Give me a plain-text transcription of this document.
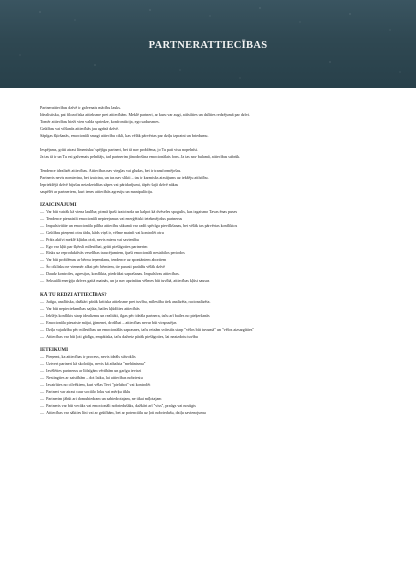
PARTNERATTIECĪBAS

Partnerattiecības dzīvē ir galvenais mācību lauks.

Idealistiska, pat filozofiska attieksme pret attiecībām. Meklē partneri, ar kuru var augt, attīstīties un dalīties redzējumā par dzīvi.

Tomēr attiecības bieži vien valda spriedze, konfrontācija, ego sadursmes.

Grūtības vai vilšanās attiecībās jau agrīnā dzīvē.

Sāpīgas šķiršanās, emocionāli smagi attiecību cikli, kas vēlāk pārvērtas par dziļu izpratni un briedumu.

Iespējams, grūti atrast līmenisku/ spējīgu partneri, bet tā nav problēma, jo Tu pati visu nopelnīsi.

Ja tas tā ir un Tu esi galvenais pelnītājs, tad partnerim jānodrošina emocionālais fons. Ja tas nav bulamā, attiecības sabrūk.

Tendence idealizēt attiecības. Attiecības nav vieglas vai gludas, bet ir transformējošas.

Partneris nevis nomierina, bet izaicina, un tas nav slikti – tas ir karmisks aizsūjums uz iekšēju attīstību.

Iepriekšējā dzīvē bijušas neizdzeidītas sāpes vai pāridarījumi, tāpēc šajā dzīvē nākas

saspēlēt ar partneriem, kuri ienes attiecībās agresiju un manipulāciju.

IZAICINĀJUMI

— Var būt vairāk kā viena laulība; pirmā īpaši izaicinoša un kalpot kā dvēseles spogulis, kas izgaismo Tavas ēnas puses
— Tendence pienaistīt emocionāli nepieejamus vai enerģētiski ietekmējošus partnerus
— Impulsivitāte un emocionāla pilība attiecību sākumā var radīt spēcīga pievilkšanas, bet vēlāk tas pārvērtas konfliktos
— Grūtības pieņemt otru tādu, kāds viņš ir, vēlme mainīt vai kontrolēt otru
— Prāts aktīvi meklē kļūdas otrā, nevis mieru vai savienību
— Ego var kļūt par šķērsli mīlestībai, grūti piešāgoties partnerim
— Risks uz reproduktīvās veselības traucējumiem, īpaši emocionāli nestabilos periodos
— Var būt problēmas ar bērnu ieņemšanu, tendence uz spontāniem abortiem
— Šo ciklisku ne vienmēr alkst pēc bērniem, tie parasti parādās vēlāk dzīvē
— Daudz kontroles, agresijas, konflikta, piedrūkst saprašanas. Impulsīvas attiecības.
— Seksuālā enerģija dzīves gaitā mainās, un ja nav apzinātas vēlmes būt tuvībā, attiecības kļūst sausas

KĀ TU REDZI ATTIECĪBAS?

— Jutīga, analītiska, dažkārt pārāk kritiska attieksme pret tuvību, mīlestība tiek analizēta, racionalizēta.
— Var būt nepieciešamības sajūta, bailes kļūdīties attiecībās
— Iekšējs konflikts starp idealizmu un realitāti, ilgas pēc ideāla partnera, taču arī bailes no pieķeršanās
— Emocionāla piesaiste mājai, ģimenei, drošībai – attiecības nevar būt virspusējas
— Dziļa vajadzība pēc mīlestības un emocionālās saprasnes, taču reizām svārstās starp "vēlos būt tuvumā" un "vēlos aizsargāties"
— Attiecības var būt ļoti gādīga, empātiska, taču dažreiz pārāk piešāgoties, lai neaizdotu tuvību

IETEIKUMI

— Pieņemt, ka attiecības ir process, nevis ideāls stāvoklis
— Uztvert partneri kā skolotāju, nevis kā atbalsta "mehānismu"
— Izvēlēties partnerus ar līdzīgām vērtībām un garīgu ievirzi
— Nestingties ar saistībām – dot laiku, lai attiecības nobriestu
— Izvairīties no cilvēkiem, kuri vēlas Tevi "pielabot" vai kontrolēt
— Partneri var atrast caur sociālo loku vai mērķu tīklu
— Partnerim jābūt ari domubiedram un sabiedrotajam, ne tikai mīļotajam
— Partneris var būt vecāks vai emocionāli nobriedušāks, dažkārt arī "viss", praūgs vai nosūgts
— Attiecības var sākties līni vai ar grūtībām, bet ar potenciālu uz ļoti nobriedušu, dziļu savienojumu
